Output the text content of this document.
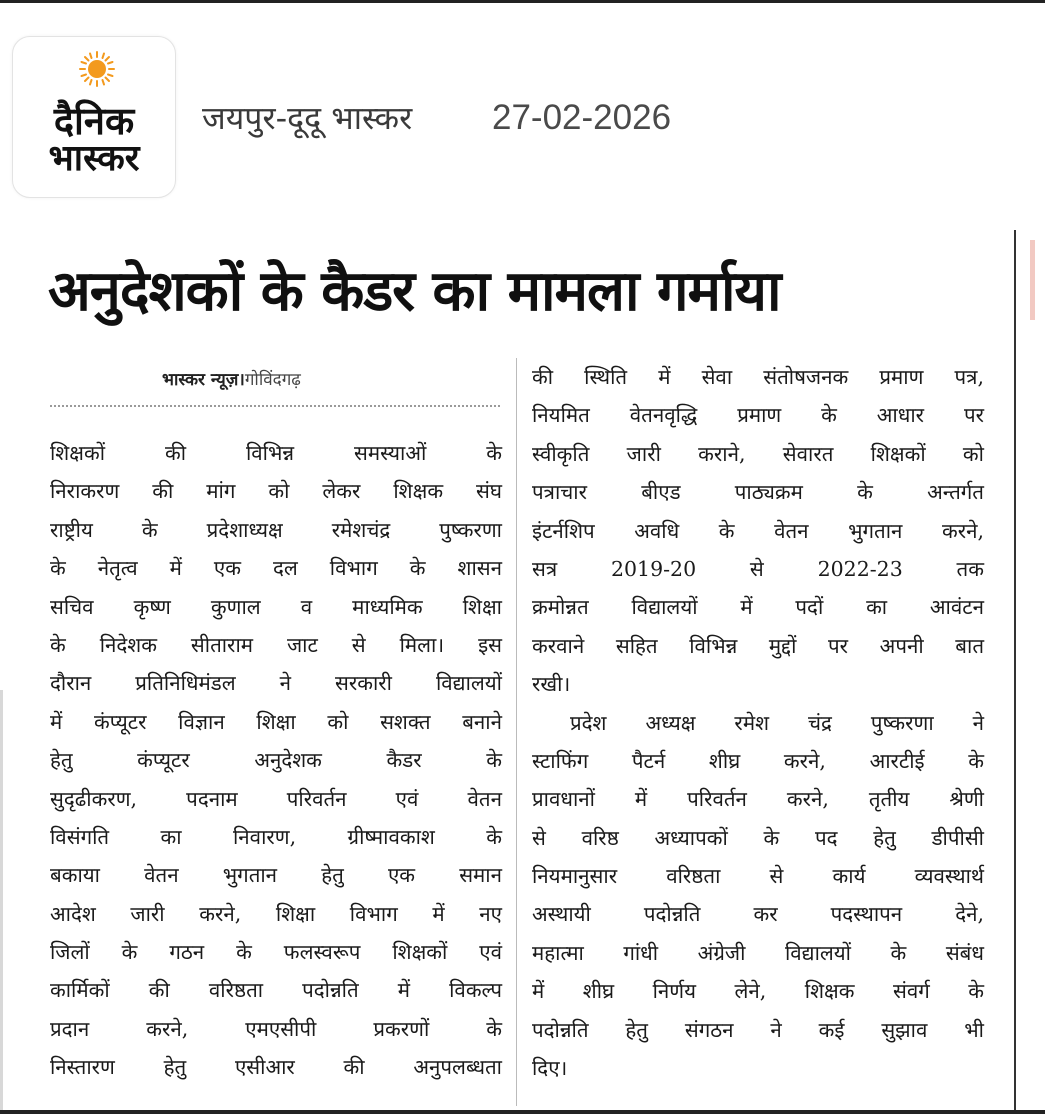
दैनिक
भास्कर
जयपुर-दूदू भास्कर 27-02-2026
अनुदेशकों के कैडर का मामला गर्माया
भास्कर न्यूज़।गोविंदगढ़
शिक्षकों की विभिन्न समस्याओं के
निराकरण की मांग को लेकर शिक्षक संघ
राष्ट्रीय के प्रदेशाध्यक्ष रमेशचंद्र पुष्करणा
के नेतृत्व में एक दल विभाग के शासन
सचिव कृष्ण कुणाल व माध्यमिक शिक्षा
के निदेशक सीताराम जाट से मिला। इस
दौरान प्रतिनिधिमंडल ने सरकारी विद्यालयों
में कंप्यूटर विज्ञान शिक्षा को सशक्त बनाने
हेतु कंप्यूटर अनुदेशक कैडर के
सुदृढीकरण, पदनाम परिवर्तन एवं वेतन
विसंगति का निवारण, ग्रीष्मावकाश के
बकाया वेतन भुगतान हेतु एक समान
आदेश जारी करने, शिक्षा विभाग में नए
जिलों के गठन के फलस्वरूप शिक्षकों एवं
कार्मिकों की वरिष्ठता पदोन्नति में विकल्प
प्रदान करने, एमएसीपी प्रकरणों के
निस्तारण हेतु एसीआर की अनुपलब्धता
की स्थिति में सेवा संतोषजनक प्रमाण पत्र,
नियमित वेतनवृद्धि प्रमाण के आधार पर
स्वीकृति जारी कराने, सेवारत शिक्षकों को
पत्राचार बीएड पाठ्यक्रम के अन्तर्गत
इंटर्नशिप अवधि के वेतन भुगतान करने,
सत्र 2019-20 से 2022-23 तक
क्रमोन्नत विद्यालयों में पदों का आवंटन
करवाने सहित विभिन्न मुद्दों पर अपनी बात
रखी।
प्रदेश अध्यक्ष रमेश चंद्र पुष्करणा ने
स्टाफिंग पैटर्न शीघ्र करने, आरटीई के
प्रावधानों में परिवर्तन करने, तृतीय श्रेणी
से वरिष्ठ अध्यापकों के पद हेतु डीपीसी
नियमानुसार वरिष्ठता से कार्य व्यवस्थार्थ
अस्थायी पदोन्नति कर पदस्थापन देने,
महात्मा गांधी अंग्रेजी विद्यालयों के संबंध
में शीघ्र निर्णय लेने, शिक्षक संवर्ग के
पदोन्नति हेतु संगठन ने कई सुझाव भी
दिए।
